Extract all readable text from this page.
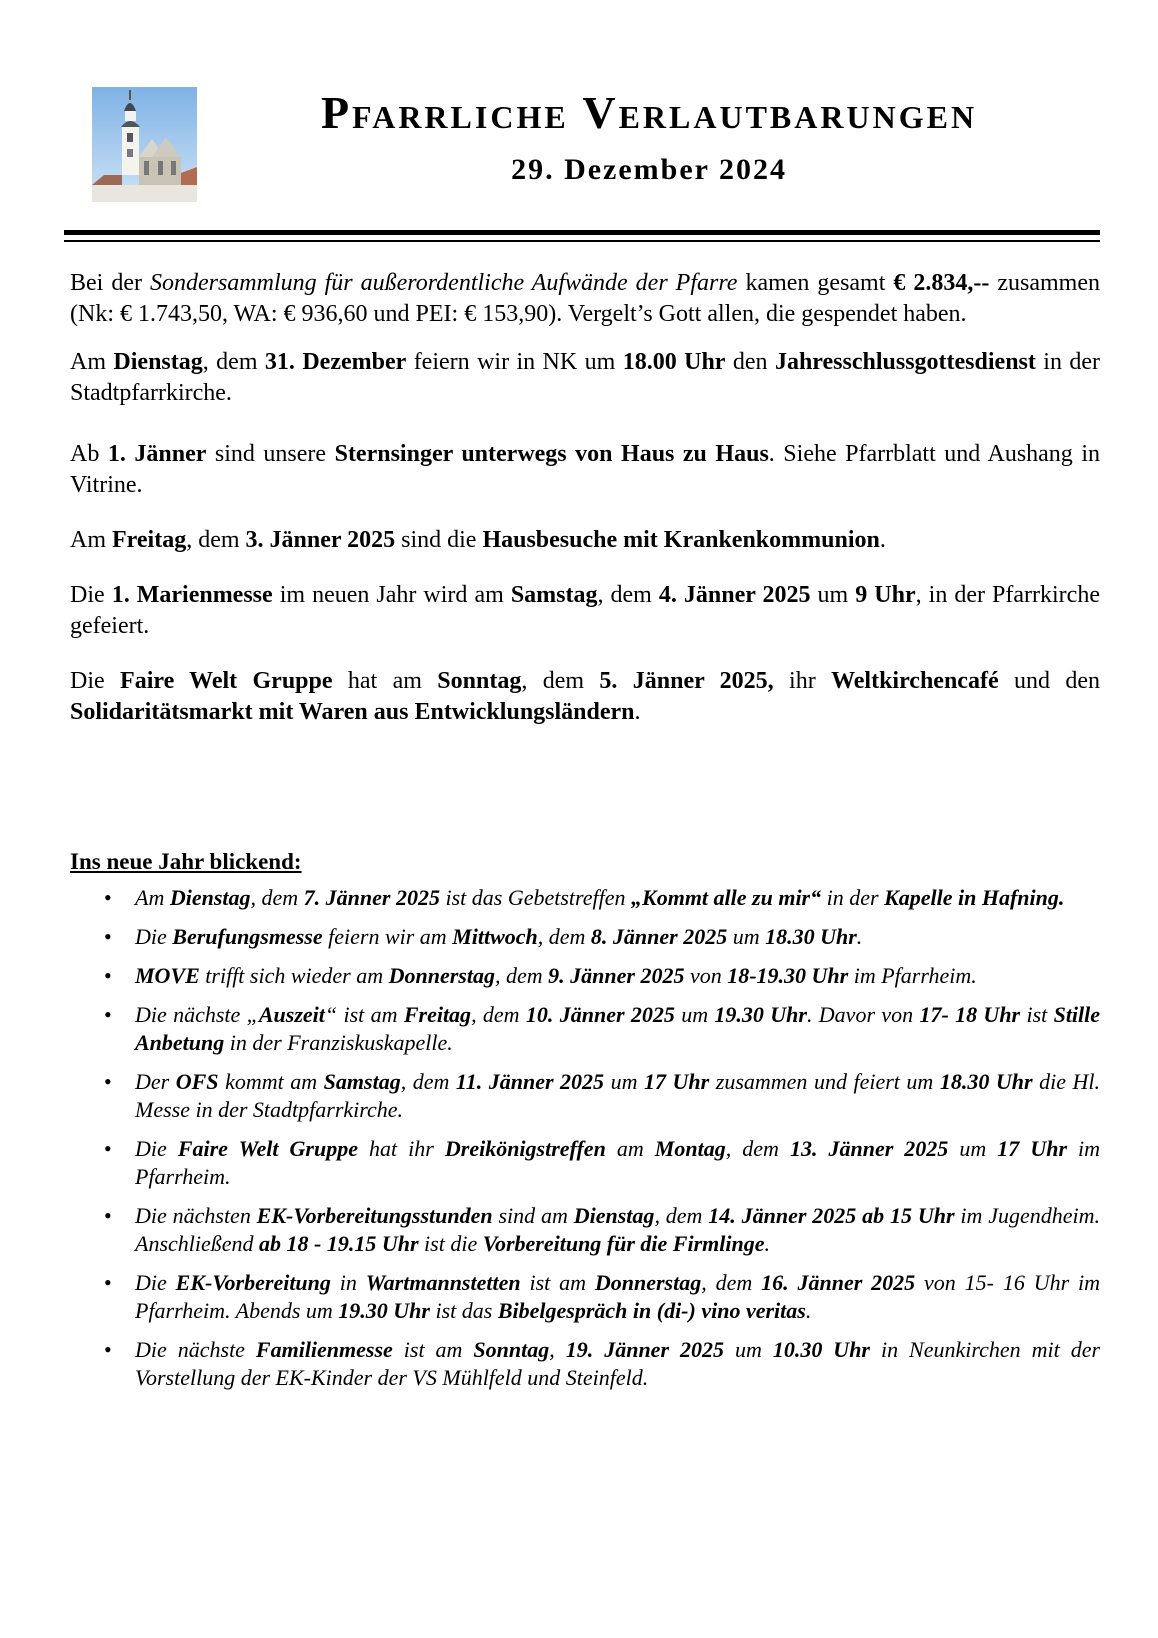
Pfarrliche Verlautbarungen
29. Dezember 2024

Bei der Sondersammlung für außerordentliche Aufwände der Pfarre kamen gesamt € 2.834,-- zusammen (Nk: € 1.743,50, WA: € 936,60 und PEI: € 153,90). Vergelt’s Gott allen, die gespendet haben.

Am Dienstag, dem 31. Dezember feiern wir in NK um 18.00 Uhr den Jahresschlussgottesdienst in der Stadtpfarrkirche.

Ab 1. Jänner sind unsere Sternsinger unterwegs von Haus zu Haus. Siehe Pfarrblatt und Aushang in Vitrine.

Am Freitag, dem 3. Jänner 2025 sind die Hausbesuche mit Krankenkommunion.

Die 1. Marienmesse im neuen Jahr wird am Samstag, dem 4. Jänner 2025 um 9 Uhr, in der Pfarrkirche gefeiert.

Die Faire Welt Gruppe hat am Sonntag, dem 5. Jänner 2025, ihr Weltkirchencafé und den Solidaritätsmarkt mit Waren aus Entwicklungsländern.

Ins neue Jahr blickend:
• Am Dienstag, dem 7. Jänner 2025 ist das Gebetstreffen „Kommt alle zu mir“ in der Kapelle in Hafning.
• Die Berufungsmesse feiern wir am Mittwoch, dem 8. Jänner 2025 um 18.30 Uhr.
• MOVE trifft sich wieder am Donnerstag, dem 9. Jänner 2025 von 18-19.30 Uhr im Pfarrheim.
• Die nächste „Auszeit“ ist am Freitag, dem 10. Jänner 2025 um 19.30 Uhr. Davor von 17- 18 Uhr ist Stille Anbetung in der Franziskuskapelle.
• Der OFS kommt am Samstag, dem 11. Jänner 2025 um 17 Uhr zusammen und feiert um 18.30 Uhr die Hl. Messe in der Stadtpfarrkirche.
• Die Faire Welt Gruppe hat ihr Dreikönigstreffen am Montag, dem 13. Jänner 2025 um 17 Uhr im Pfarrheim.
• Die nächsten EK-Vorbereitungsstunden sind am Dienstag, dem 14. Jänner 2025 ab 15 Uhr im Jugendheim. Anschließend ab 18 - 19.15 Uhr ist die Vorbereitung für die Firmlinge.
• Die EK-Vorbereitung in Wartmannstetten ist am Donnerstag, dem 16. Jänner 2025 von 15- 16 Uhr im Pfarrheim. Abends um 19.30 Uhr ist das Bibelgespräch in (di-) vino veritas.
• Die nächste Familienmesse ist am Sonntag, 19. Jänner 2025 um 10.30 Uhr in Neunkirchen mit der Vorstellung der EK-Kinder der VS Mühlfeld und Steinfeld.
